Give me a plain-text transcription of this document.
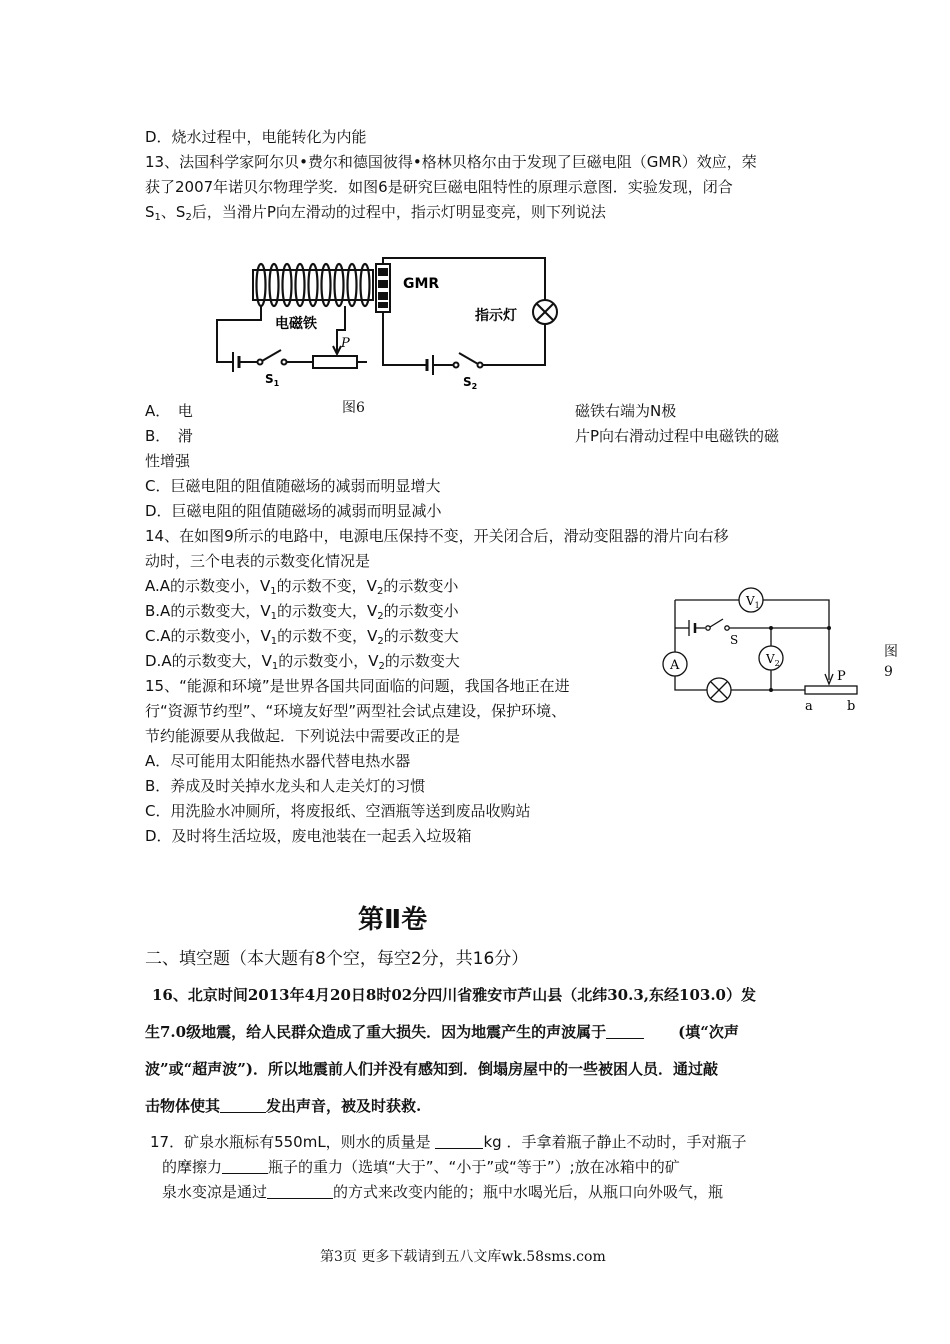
D．烧水过程中，电能转化为内能
13、法国科学家阿尔贝•费尔和德国彼得•格林贝格尔由于发现了巨磁电阻（GMR）效应，荣
获了2007年诺贝尔物理学奖．如图6是研究巨磁电阻特性的原理示意图．实验发现，闭合
$S_1$、$S_2$后，当滑片P向左滑动的过程中，指示灯明显变亮，则下列说法
电磁铁
GMR
指示灯
P
$S_1$	$S_2$
A．　电	图6	磁铁右端为N极
B．　滑	片P向右滑动过程中电磁铁的磁
性增强
C．巨磁电阻的阻值随磁场的减弱而明显增大
D．巨磁电阻的阻值随磁场的减弱而明显减小
14、在如图9所示的电路中，电源电压保持不变，开关闭合后，滑动变阻器的滑片向右移
动时，三个电表的示数变化情况是
A.A的示数变小，$V_1$的示数不变，$V_2$的示数变小
B.A的示数变大，$V_1$的示数变大，$V_2$的示数变小
C.A的示数变小，$V_1$的示数不变，$V_2$的示数变大
D.A的示数变大，$V_1$的示数变小，$V_2$的示数变大
$V_1$
$V_2$
A
S
P
a	b
图
9
15、“能源和环境”是世界各国共同面临的问题，我国各地正在进
行“资源节约型”、“环境友好型”两型社会试点建设，保护环境、
节约能源要从我做起．下列说法中需要改正的是
A．尽可能用太阳能热水器代替电热水器
B．养成及时关掉水龙头和人走关灯的习惯
C．用洗脸水冲厕所，将废报纸、空酒瓶等送到废品收购站
D．及时将生活垃圾，废电池装在一起丢入垃圾箱
第Ⅱ卷
二、填空题（本大题有8个空，每空2分，共16分）
16、北京时间2013年4月20日8时02分四川省雅安市芦山县（北纬30.3,东经103.0）发
生7.0级地震，给人民群众造成了重大损失．因为地震产生的声波属于	(填“次声
波”或“超声波”)．所以地震前人们并没有感知到．倒塌房屋中的一些被困人员．通过敲
击物体使其	发出声音，被及时获救.
17．矿泉水瓶标有550mL，则水的质量是	kg ．手拿着瓶子静止不动时，手对瓶子
的摩擦力	瓶子的重力（选填“大于”、“小于”或“等于”）;放在冰箱中的矿
泉水变凉是通过	的方式来改变内能的；瓶中水喝光后，从瓶口向外吸气，瓶
第3页 更多下载请到五八文库wk.58sms.com
